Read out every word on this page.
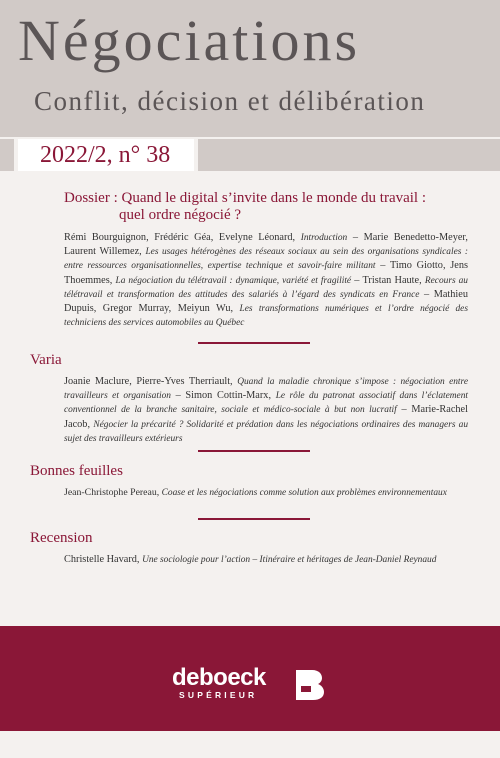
Négociations
Conflit, décision et délibération
2022/2, n° 38
Dossier : Quand le digital s’invite dans le monde du travail :
quel ordre négocié ?
Rémi Bourguignon, Frédéric Géa, Evelyne Léonard, Introduction – Marie Benedetto-Meyer, Laurent Willemez, Les usages hétérogènes des réseaux sociaux au sein des organisations syndicales : entre ressources organisationnelles, expertise technique et savoir-faire militant – Timo Giotto, Jens Thoemmes, La négociation du télétravail : dynamique, variété et fragilité – Tristan Haute, Recours au télétravail et transformation des attitudes des salariés à l’égard des syndicats en France – Mathieu Dupuis, Gregor Murray, Meiyun Wu, Les transformations numériques et l’ordre négocié des techniciens des services automobiles au Québec
Varia
Joanie Maclure, Pierre-Yves Therriault, Quand la maladie chronique s’impose : négociation entre travailleurs et organisation – Simon Cottin-Marx, Le rôle du patronat associatif dans l’éclatement conventionnel de la branche sanitaire, sociale et médico-sociale à but non lucratif – Marie-Rachel Jacob, Négocier la précarité ? Solidarité et prédation dans les négociations ordinaires des managers au sujet des travailleurs extérieurs
Bonnes feuilles
Jean-Christophe Pereau, Coase et les négociations comme solution aux problèmes environnementaux
Recension
Christelle Havard, Une sociologie pour l’action – Itinéraire et héritages de Jean-Daniel Reynaud
deboeck
SUPÉRIEUR
